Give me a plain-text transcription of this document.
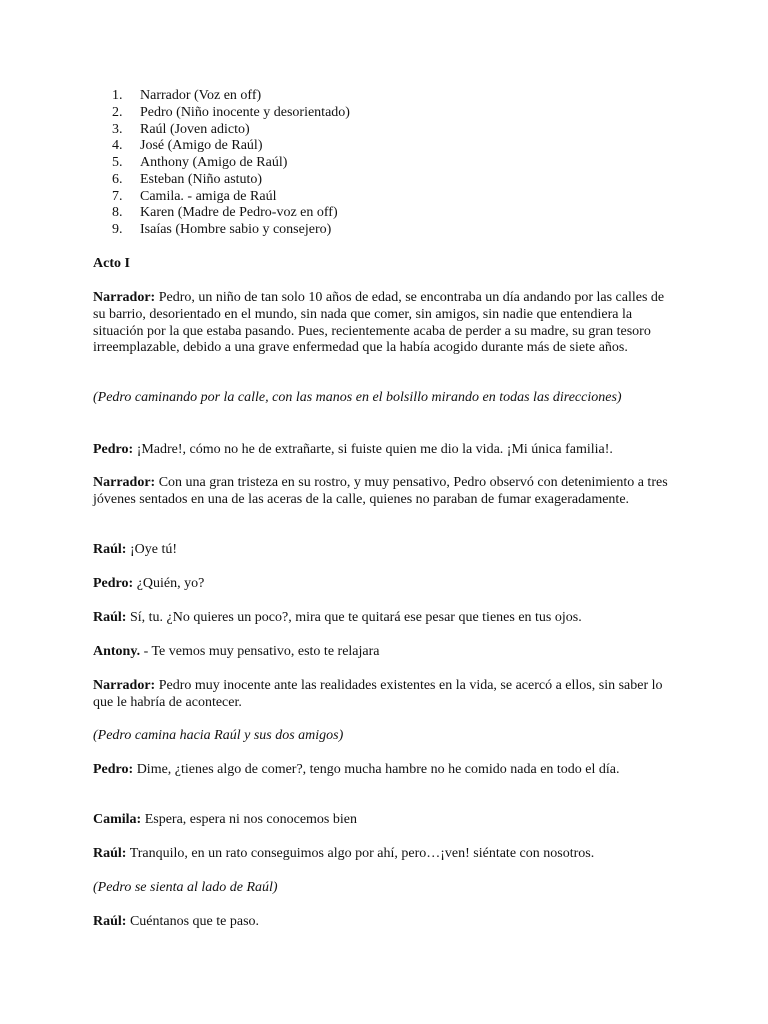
1. Narrador (Voz en off)
2. Pedro (Niño inocente y desorientado)
3. Raúl (Joven adicto)
4. José (Amigo de Raúl)
5. Anthony (Amigo de Raúl)
6. Esteban (Niño astuto)
7. Camila. - amiga de Raúl
8. Karen (Madre de Pedro-voz en off)
9. Isaías (Hombre sabio y consejero)

Acto I

Narrador: Pedro, un niño de tan solo 10 años de edad, se encontraba un día andando por las calles de su barrio, desorientado en el mundo, sin nada que comer, sin amigos, sin nadie que entendiera la situación por la que estaba pasando. Pues, recientemente acaba de perder a su madre, su gran tesoro irreemplazable, debido a una grave enfermedad que la había acogido durante más de siete años.

(Pedro caminando por la calle, con las manos en el bolsillo mirando en todas las direcciones)

Pedro: ¡Madre!, cómo no he de extrañarte, si fuiste quien me dio la vida. ¡Mi única familia!.

Narrador: Con una gran tristeza en su rostro, y muy pensativo, Pedro observó con detenimiento a tres jóvenes sentados en una de las aceras de la calle, quienes no paraban de fumar exageradamente.

Raúl: ¡Oye tú!

Pedro: ¿Quién, yo?

Raúl: Sí, tu. ¿No quieres un poco?, mira que te quitará ese pesar que tienes en tus ojos.

Antony. - Te vemos muy pensativo, esto te relajara

Narrador: Pedro muy inocente ante las realidades existentes en la vida, se acercó a ellos, sin saber lo que le habría de acontecer.

(Pedro camina hacia Raúl y sus dos amigos)

Pedro: Dime, ¿tienes algo de comer?, tengo mucha hambre no he comido nada en todo el día.

Camila: Espera, espera ni nos conocemos bien

Raúl: Tranquilo, en un rato conseguimos algo por ahí, pero…¡ven! siéntate con nosotros.

(Pedro se sienta al lado de Raúl)

Raúl: Cuéntanos que te paso.
